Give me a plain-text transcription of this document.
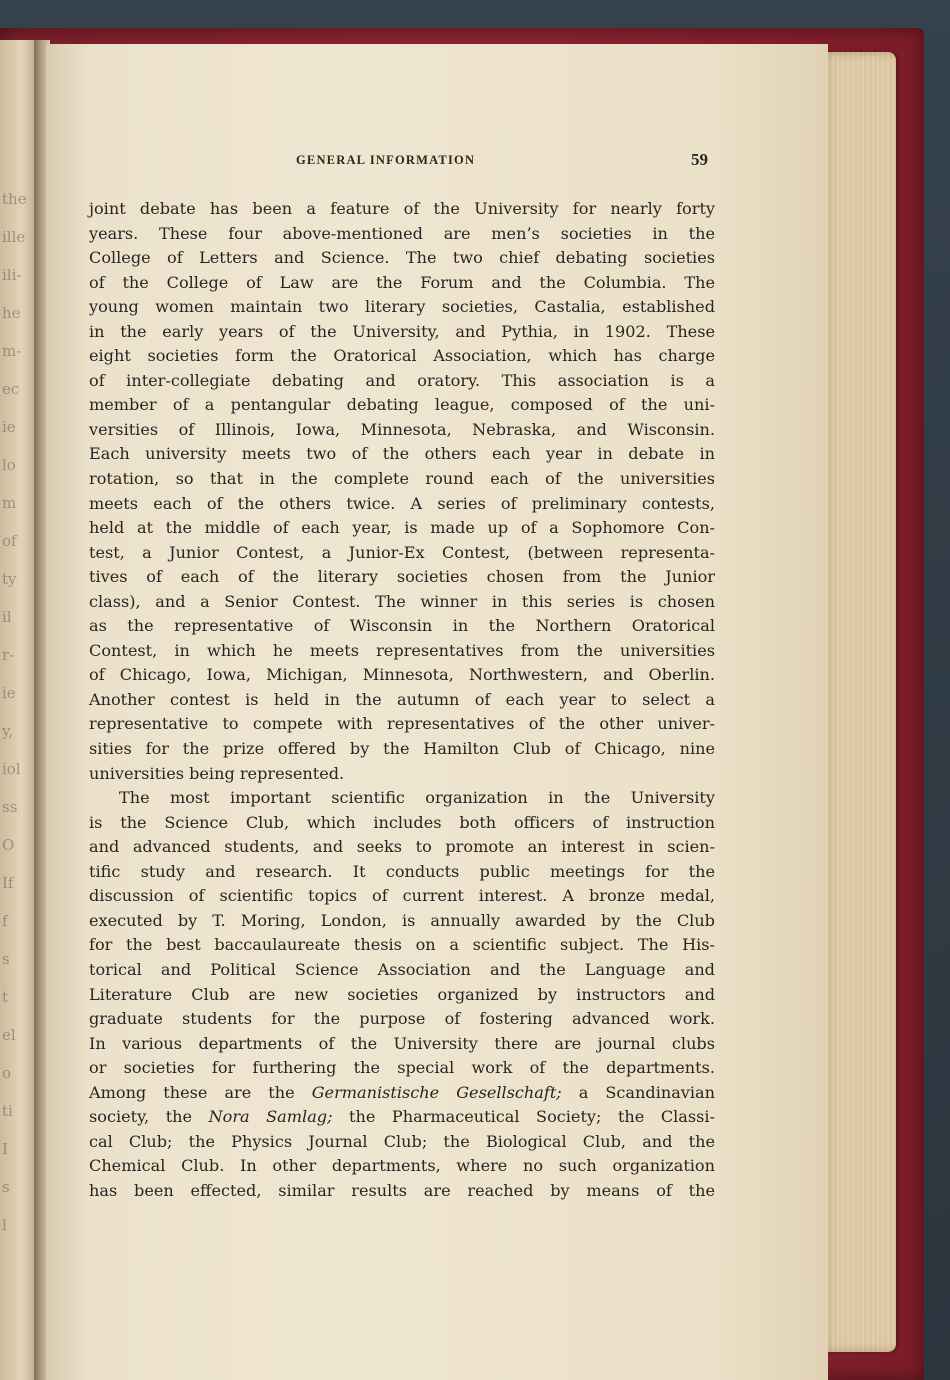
the
ille
ili-
he
m-
ec
ie
lo
m
of
ty
il
r-
ie
y,
iol
ss
O
If
f
s
t
el
o
ti
I
s
l
GENERAL INFORMATION	59
joint debate has been a feature of the University for nearly forty
years. These four above-mentioned are men’s societies in the
College of Letters and Science. The two chief debating societies
of the College of Law are the Forum and the Columbia. The
young women maintain two literary societies, Castalia, established
in the early years of the University, and Pythia, in 1902. These
eight societies form the Oratorical Association, which has charge
of inter-collegiate debating and oratory. This association is a
member of a pentangular debating league, composed of the uni-
versities of Illinois, Iowa, Minnesota, Nebraska, and Wisconsin.
Each university meets two of the others each year in debate in
rotation, so that in the complete round each of the universities
meets each of the others twice. A series of preliminary contests,
held at the middle of each year, is made up of a Sophomore Con-
test, a Junior Contest, a Junior-Ex Contest, (between representa-
tives of each of the literary societies chosen from the Junior
class), and a Senior Contest. The winner in this series is chosen
as the representative of Wisconsin in the Northern Oratorical
Contest, in which he meets representatives from the universities
of Chicago, Iowa, Michigan, Minnesota, Northwestern, and Oberlin.
Another contest is held in the autumn of each year to select a
representative to compete with representatives of the other univer-
sities for the prize offered by the Hamilton Club of Chicago, nine
universities being represented.
The most important scientific organization in the University
is the Science Club, which includes both officers of instruction
and advanced students, and seeks to promote an interest in scien-
tific study and research. It conducts public meetings for the
discussion of scientific topics of current interest. A bronze medal,
executed by T. Moring, London, is annually awarded by the Club
for the best baccaulaureate thesis on a scientific subject. The His-
torical and Political Science Association and the Language and
Literature Club are new societies organized by instructors and
graduate students for the purpose of fostering advanced work.
In various departments of the University there are journal clubs
or societies for furthering the special work of the departments.
Among these are the Germanistische Gesellschaft; a Scandinavian
society, the Nora Samlag; the Pharmaceutical Society; the Classi-
cal Club; the Physics Journal Club; the Biological Club, and the
Chemical Club. In other departments, where no such organization
has been effected, similar results are reached by means of the
